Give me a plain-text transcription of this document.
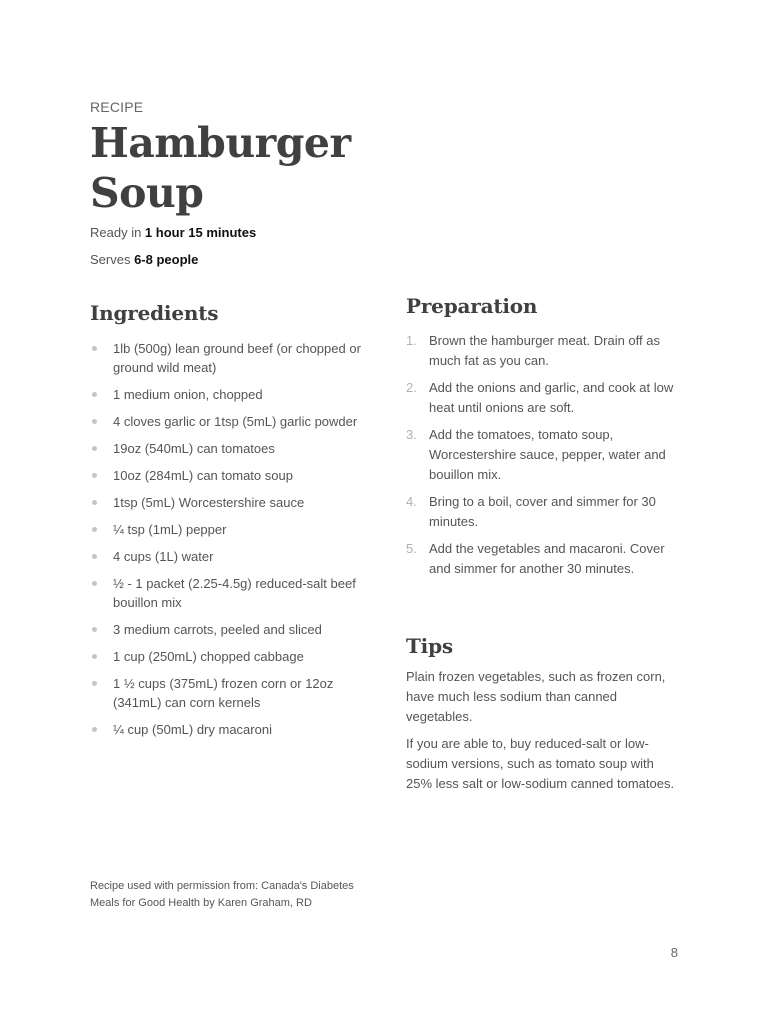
RECIPE
Hamburger Soup
Ready in 1 hour 15 minutes
Serves 6-8 people
Ingredients
1lb (500g) lean ground beef (or chopped or ground wild meat)
1 medium onion, chopped
4 cloves garlic or 1tsp (5mL) garlic powder
19oz (540mL) can tomatoes
10oz (284mL) can tomato soup
1tsp (5mL) Worcestershire sauce
¼ tsp (1mL) pepper
4 cups (1L) water
½ - 1 packet (2.25-4.5g) reduced-salt beef bouillon mix
3 medium carrots, peeled and sliced
1 cup (250mL) chopped cabbage
1 ½ cups (375mL) frozen corn or 12oz (341mL) can corn kernels
¼ cup (50mL) dry macaroni
Preparation
1. Brown the hamburger meat. Drain off as much fat as you can.
2. Add the onions and garlic, and cook at low heat until onions are soft.
3. Add the tomatoes, tomato soup, Worcestershire sauce, pepper, water and bouillon mix.
4. Bring to a boil, cover and simmer for 30 minutes.
5. Add the vegetables and macaroni. Cover and simmer for another 30 minutes.
Tips

Plain frozen vegetables, such as frozen corn, have much less sodium than canned vegetables.

If you are able to, buy reduced-salt or low-sodium versions, such as tomato soup with 25% less salt or low-sodium canned tomatoes.

Recipe used with permission from: Canada's Diabetes Meals for Good Health by Karen Graham, RD
8
